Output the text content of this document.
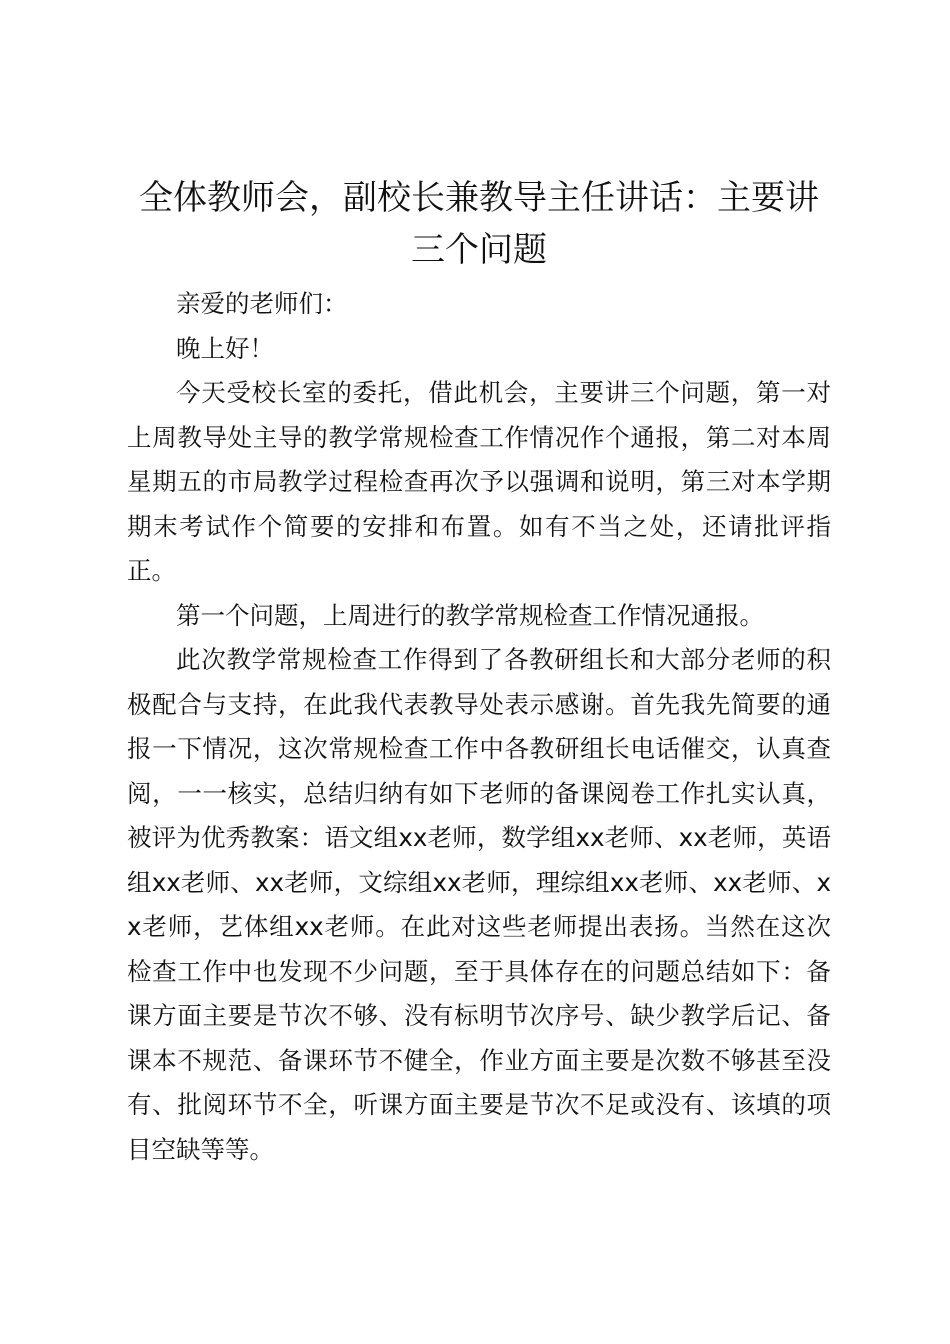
全体教师会，副校长兼教导主任讲话：主要讲
三个问题

亲爱的老师们：

晚上好！

今天受校长室的委托，借此机会，主要讲三个问题，第一对上周教导处主导的教学常规检查工作情况作个通报，第二对本周星期五的市局教学过程检查再次予以强调和说明，第三对本学期期末考试作个简要的安排和布置。如有不当之处，还请批评指正。

第一个问题，上周进行的教学常规检查工作情况通报。

此次教学常规检查工作得到了各教研组长和大部分老师的积极配合与支持，在此我代表教导处表示感谢。首先我先简要的通报一下情况，这次常规检查工作中各教研组长电话催交，认真查阅，一一核实，总结归纳有如下老师的备课阅卷工作扎实认真，被评为优秀教案：语文组xx老师，数学组xx老师、xx老师，英语组xx老师、xx老师，文综组xx老师，理综组xx老师、xx老师、xx老师，艺体组xx老师。在此对这些老师提出表扬。当然在这次检查工作中也发现不少问题，至于具体存在的问题总结如下：备课方面主要是节次不够、没有标明节次序号、缺少教学后记、备课本不规范、备课环节不健全，作业方面主要是次数不够甚至没有、批阅环节不全，听课方面主要是节次不足或没有、该填的项目空缺等等。
